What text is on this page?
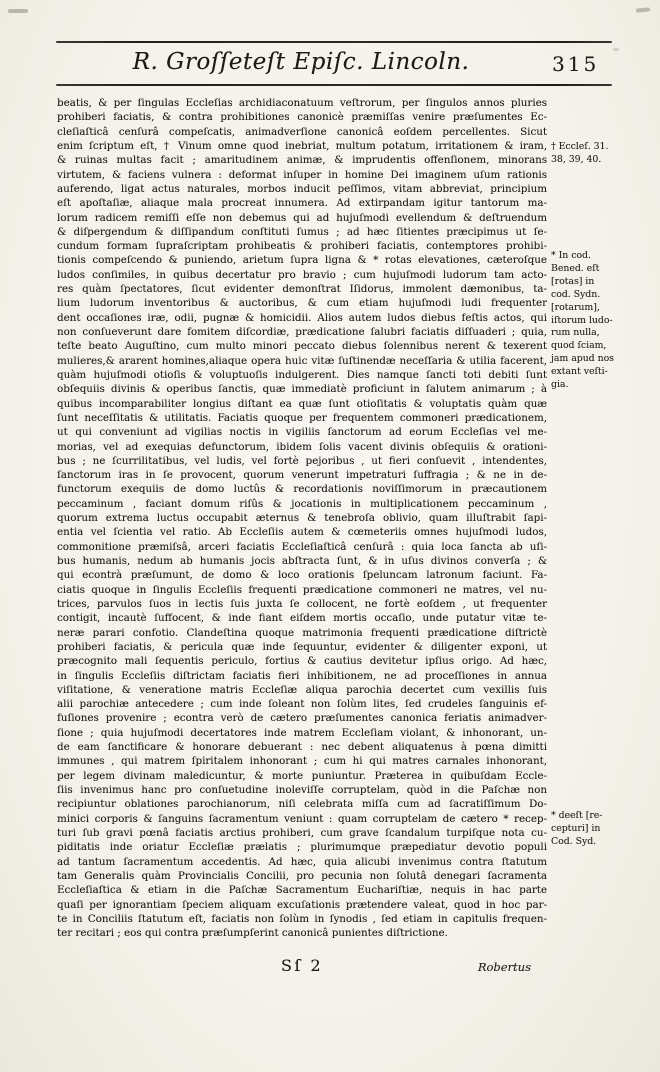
R. Groſſeteſt Epiſc. Lincoln.	315
beatis, & per ſingulas Eccleſias archidiaconatuum veſtrorum, per ſingulos annos pluries
prohiberi faciatis, & contra prohibitiones canonicè præmiſſas venire præſumentes Ec-
cleſiaſticâ cenſurâ compeſcatis, animadverſione canonicâ eoſdem percellentes. Sicut
enim ſcriptum eſt, † Vinum omne quod inebriat, multum potatum, irritationem & iram,
& ruinas multas facit ; amaritudinem animæ, & imprudentis offenſionem, minorans
virtutem, & faciens vulnera : deformat inſuper in homine Dei imaginem uſum rationis
auferendo, ligat actus naturales, morbos inducit peſſimos, vitam abbreviat, principium
eſt apoſtaſiæ, aliaque mala procreat innumera. Ad extirpandam igitur tantorum ma-
lorum radicem remiſſi eſſe non debemus qui ad hujuſmodi evellendum & deſtruendum
& diſpergendum & diſſipandum conſtituti ſumus ; ad hæc ſitientes præcipimus ut ſe-
cundum formam ſupraſcriptam prohibeatis & prohiberi faciatis, contemptores prohibi-
tionis compeſcendo & puniendo, arietum ſupra ligna & * rotas elevationes, cæteroſque
ludos conſimiles, in quibus decertatur pro bravio ; cum hujuſmodi ludorum tam acto-
res quàm ſpectatores, ſicut evidenter demonſtrat Iſidorus, immolent dæmonibus, ta-
lium ludorum inventoribus & auctoribus, & cum etiam hujuſmodi ludi frequenter
dent occaſiones iræ, odii, pugnæ & homicidii. Alios autem ludos diebus feſtis actos, qui
non conſueverunt dare fomitem diſcordiæ, prædicatione ſalubri faciatis diſſuaderi ; quia,
teſte beato Auguſtino, cum multo minori peccato diebus ſolennibus nerent & texerent
mulieres,& ararent homines,aliaque opera huic vitæ ſuſtinendæ neceſſaria & utilia facerent,
quàm hujuſmodi otioſis & voluptuoſis indulgerent. Dies namque ſancti toti debiti ſunt
obſequiis divinis & operibus ſanctis, quæ immediatè proficiunt in ſalutem animarum ; à
quibus incomparabiliter longius diſtant ea quæ ſunt otioſitatis & voluptatis quàm quæ
ſunt neceſſitatis & utilitatis. Faciatis quoque per frequentem commoneri prædicationem,
ut qui conveniunt ad vigilias noctis in vigiliis ſanctorum ad eorum Eccleſias vel me-
morias, vel ad exequias defunctorum, ibidem ſolis vacent divinis obſequiis & orationi-
bus ; ne ſcurrilitatibus, vel ludis, vel fortè pejoribus , ut fieri conſuevit , intendentes,
ſanctorum iras in ſe provocent, quorum venerunt impetraturi ſuffragia ; & ne in de-
functorum exequiis de domo luctûs & recordationis noviſſimorum in præcautionem
peccaminum , faciant domum riſûs & jocationis in multiplicationem peccaminum ,
quorum extrema luctus occupabit æternus & tenebroſa oblivio, quam illuſtrabit ſapi-
entia vel ſcientia vel ratio. Ab Eccleſiis autem & cœmeteriis omnes hujuſmodi ludos,
commonitione præmiſsâ, arceri faciatis Eccleſiaſticâ cenſurâ : quia loca ſancta ab uſi-
bus humanis, nedum ab humanis jocis abſtracta ſunt, & in uſus divinos converſa ; &
qui econtrà præſumunt, de domo & loco orationis ſpeluncam latronum faciunt. Fa-
ciatis quoque in ſingulis Eccleſiis frequenti prædicatione commoneri ne matres, vel nu-
trices, parvulos ſuos in lectis ſuis juxta ſe collocent, ne fortè eoſdem , ut frequenter
contigit, incautè ſuffocent, & inde fiant eiſdem mortis occaſio, unde putatur vitæ te-
neræ parari confotio. Clandeſtina quoque matrimonia frequenti prædicatione diſtrictè
prohiberi faciatis, & pericula quæ inde ſequuntur, evidenter & diligenter exponi, ut
præcognito mali ſequentis periculo, fortius & cautius devitetur ipſius origo. Ad hæc,
in ſingulis Eccleſiis diſtrictam faciatis fieri inhibitionem, ne ad proceſſiones in annua
viſitatione, & veneratione matris Eccleſiæ aliqua parochia decertet cum vexillis ſuis
alii parochiæ antecedere ; cum inde ſoleant non ſolùm lites, ſed crudeles ſanguinis ef-
fuſiones provenire ; econtra verò de cætero præſumentes canonica feriatis animadver-
ſione ; quia hujuſmodi decertatores inde matrem Eccleſiam violant, & inhonorant, un-
de eam ſanctificare & honorare debuerant : nec debent aliquatenus à pœna dimitti
immunes , qui matrem ſpiritalem inhonorant ; cum hi qui matres carnales inhonorant,
per legem divinam maledicuntur, & morte puniuntur. Præterea in quibuſdam Eccle-
ſiis invenimus hanc pro conſuetudine inoleviſſe corruptelam, quòd in die Paſchæ non
recipiuntur oblationes parochianorum, niſi celebrata miſſa cum ad ſacratiſſimum Do-
minici corporis & ſanguins ſacramentum veniunt : quam corruptelam de cætero * recep-
turi ſub gravi pœnâ faciatis arctius prohiberi, cum grave ſcandalum turpiſque nota cu-
piditatis inde oriatur Eccleſiæ prælatis ; plurimumque præpediatur devotio populi
ad tantum ſacramentum accedentis. Ad hæc, quia alicubi invenimus contra ſtatutum
tam Generalis quàm Provincialis Concilii, pro pecunia non ſolutâ denegari ſacramenta
Eccleſiaſtica & etiam in die Paſchæ Sacramentum Euchariſtiæ, nequis in hac parte
quaſi per ignorantiam ſpeciem aliquam excuſationis prætendere valeat, quod in hoc par-
te in Conciliis ſtatutum eſt, faciatis non ſolùm in ſynodis , ſed etiam in capitulis frequen-
ter recitari ; eos qui contra præſumpſerint canonicâ punientes diſtrictione.
† Eccleſ. 31.
38, 39, 40.
* In cod.
Bened. eſt
[rotas] in
cod. Sydn.
[rotarum],
iſtorum ludo-
rum nulla,
quod ſciam,
jam apud nos
extant veſti-
gia.
* deeſt [re-
cepturi] in
Cod. Syd.
Sſ 2	Robertus
